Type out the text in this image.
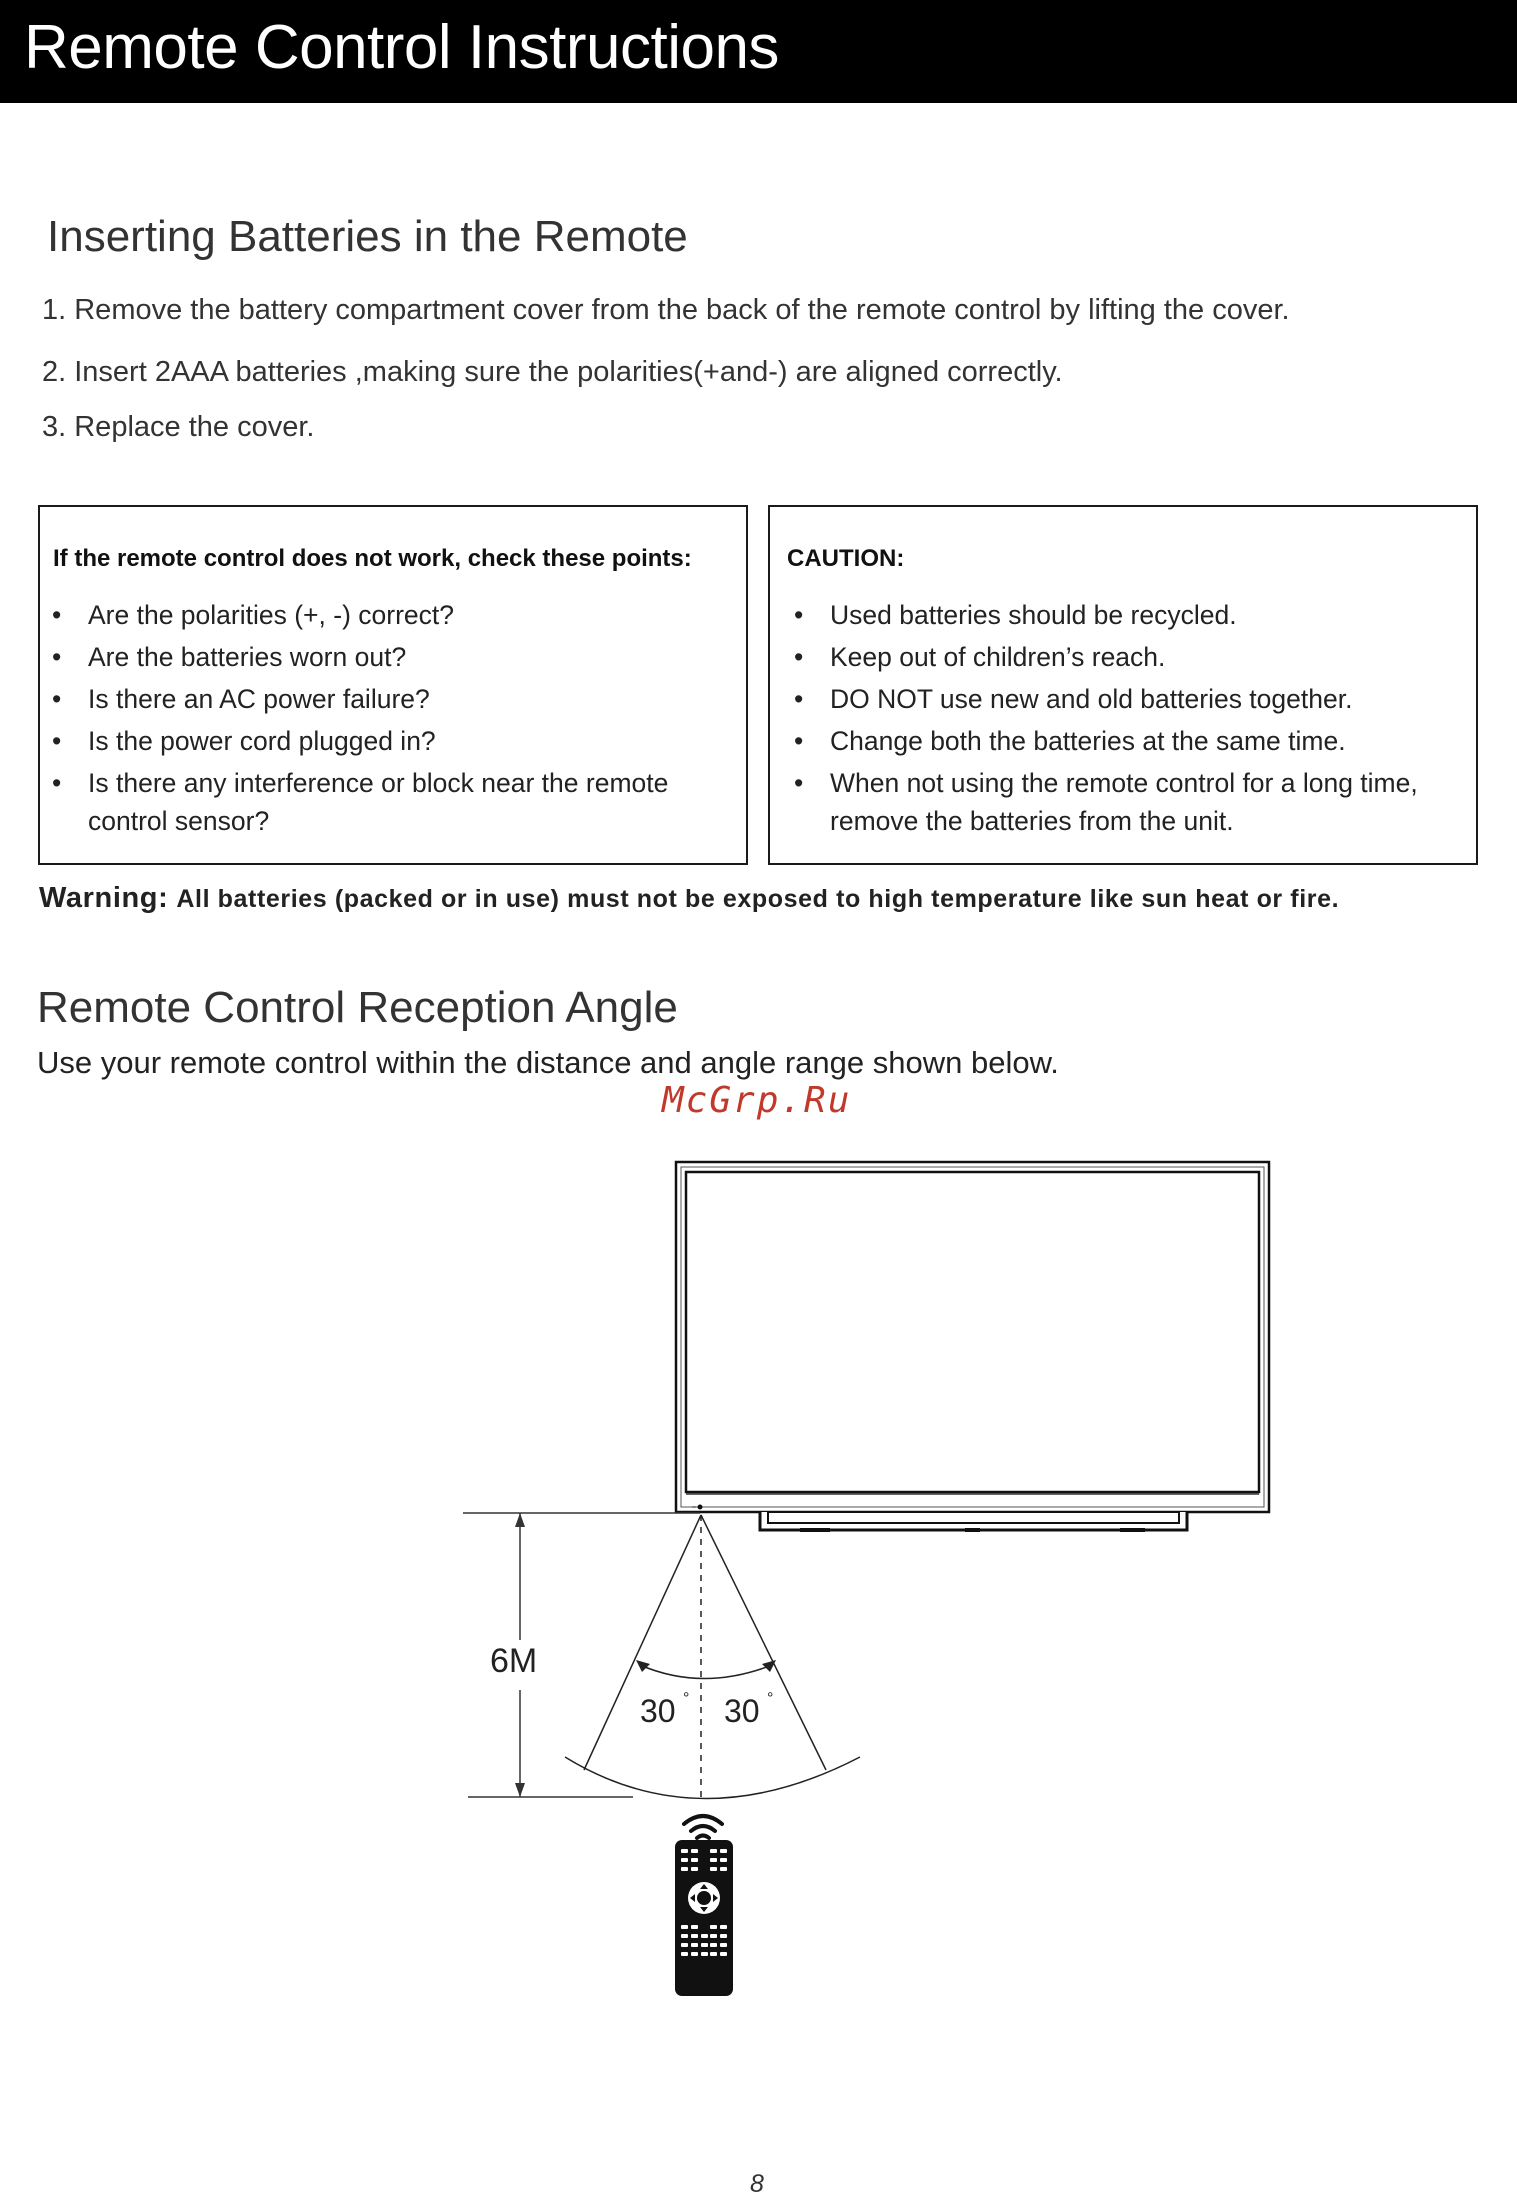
Remote Control Instructions
Inserting Batteries in the Remote
1. Remove the battery compartment cover from the back of the remote control by lifting the cover.
2. Insert 2AAA batteries ,making sure the polarities(+and-) are aligned correctly.
3. Replace the cover.
If the remote control does not work, check these points:
• Are the polarities (+, -) correct?
• Are the batteries worn out?
• Is there an AC power failure?
• Is the power cord plugged in?
• Is there any interference or block near the remote control sensor?
CAUTION:
• Used batteries should be recycled.
• Keep out of children’s reach.
• DO NOT use new and old batteries together.
• Change both the batteries at the same time.
• When not using the remote control for a long time, remove the batteries from the unit.
Warning: All batteries (packed or in use) must not be exposed to high temperature like sun heat or fire.
Remote Control Reception Angle
Use your remote control within the distance and angle range shown below.
McGrp.Ru
6M
30 ° 30 °
8
